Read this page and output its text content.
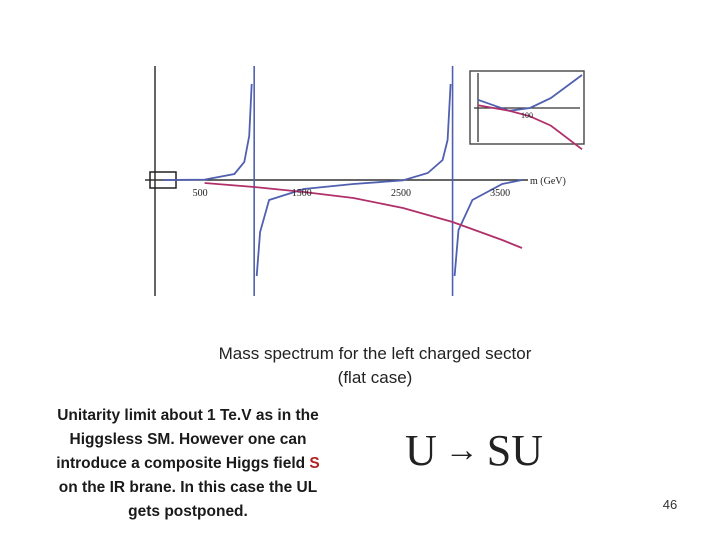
100
500	1500	2500	3500
m (GeV)
Mass spectrum for the left charged sector
(flat case)
Unitarity limit about 1 Te.V as in the
Higgsless SM. However one can
introduce a composite Higgs field S
on the IR brane. In this case the UL
gets postponed.
U → SU
46
